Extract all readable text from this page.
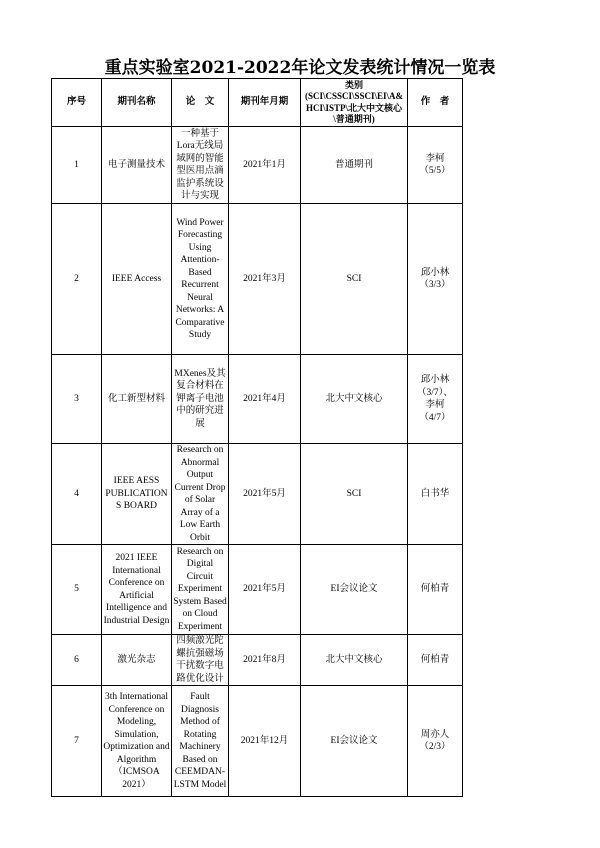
重点实验室2021-2022年论文发表统计情况一览表
序号	期刊名称	论　文	期刊年月期	类别
(SCI\CSSCI\SSCI\EI\A&HCI\ISTP\北大中文核心\普通期刊)	作　者
1	电子测量技术	一种基于Lora无线局域网的智能型医用点滴监护系统设计与实现	2021年1月	普通期刊	李柯
（5/5）
2	IEEE Access	Wind Power Forecasting Using Attention-Based Recurrent Neural Networks: A Comparative Study	2021年3月	SCI	邱小林
（3/3）
3	化工新型材料	MXenes及其复合材料在钾离子电池中的研究进展	2021年4月	北大中文核心	邱小林
（3/7）、
李柯
（4/7）
4	IEEE AESS PUBLICATIONS BOARD	Research on Abnormal Output Current Drop of Solar Array of a Low Earth Orbit	2021年5月	SCI	白书华
5	2021 IEEE International Conference on Artificial Intelligence and Industrial Design	Research on Digital Circuit Experiment System Based on Cloud Experiment	2021年5月	EI会议论文	何柏青
6	激光杂志	四频激光陀螺抗强磁场干扰数字电路优化设计	2021年8月	北大中文核心	何柏青
7	3th International Conference on Modeling, Simulation, Optimization and Algorithm（ICMSOA 2021）	Fault Diagnosis Method of Rotating Machinery Based on CEEMDAN-LSTM Model	2021年12月	EI会议论文	周亦人
（2/3）
